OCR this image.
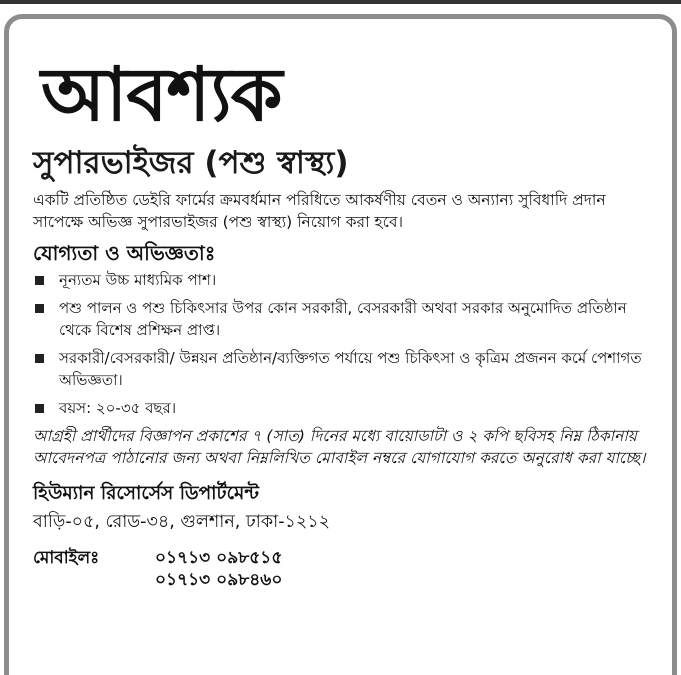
আবশ্যক
সুপারভাইজর (পশু স্বাস্থ্য)

একটি প্রতিষ্ঠিত ডেইরি ফার্মের ক্রমবর্ধমান পরিধিতে আকর্ষণীয় বেতন ও অন্যান্য সুবিধাদি প্রদান সাপেক্ষে অভিজ্ঞ সুপারভাইজর (পশু স্বাস্থ্য) নিয়োগ করা হবে।

যোগ্যতা ও অভিজ্ঞতাঃ
নূন্যতম উচ্চ মাধ্যমিক পাশ।
পশু পালন ও পশু চিকিৎসার উপর কোন সরকারী, বেসরকারী অথবা সরকার অনুমোদিত প্রতিষ্ঠান থেকে বিশেষ প্রশিক্ষন প্রাপ্ত।
সরকারী/বেসরকারী/ উন্নয়ন প্রতিষ্ঠান/ব্যক্তিগত পর্যায়ে পশু চিকিৎসা ও কৃত্রিম প্রজনন কর্মে পেশাগত অভিজ্ঞতা।
বয়স: ২০-৩৫ বছর।

আগ্রহী প্রার্থীদের বিজ্ঞাপন প্রকাশের ৭ (সাত) দিনের মধ্যে বায়োডাটা ও ২ কপি ছবিসহ নিম্ন ঠিকানায় আবেদনপত্র পাঠানোর জন্য অথবা নিম্নলিখিত মোবাইল নম্বরে যোগাযোগ করতে অনুরোধ করা যাচ্ছে।

হিউম্যান রিসোর্সেস ডিপার্টমেন্ট
বাড়ি-০৫, রোড-৩৪, গুলশান, ঢাকা-১২১২
মোবাইলঃ	০১৭১৩ ০৯৮৫১৫
০১৭১৩ ০৯৮৪৬০
